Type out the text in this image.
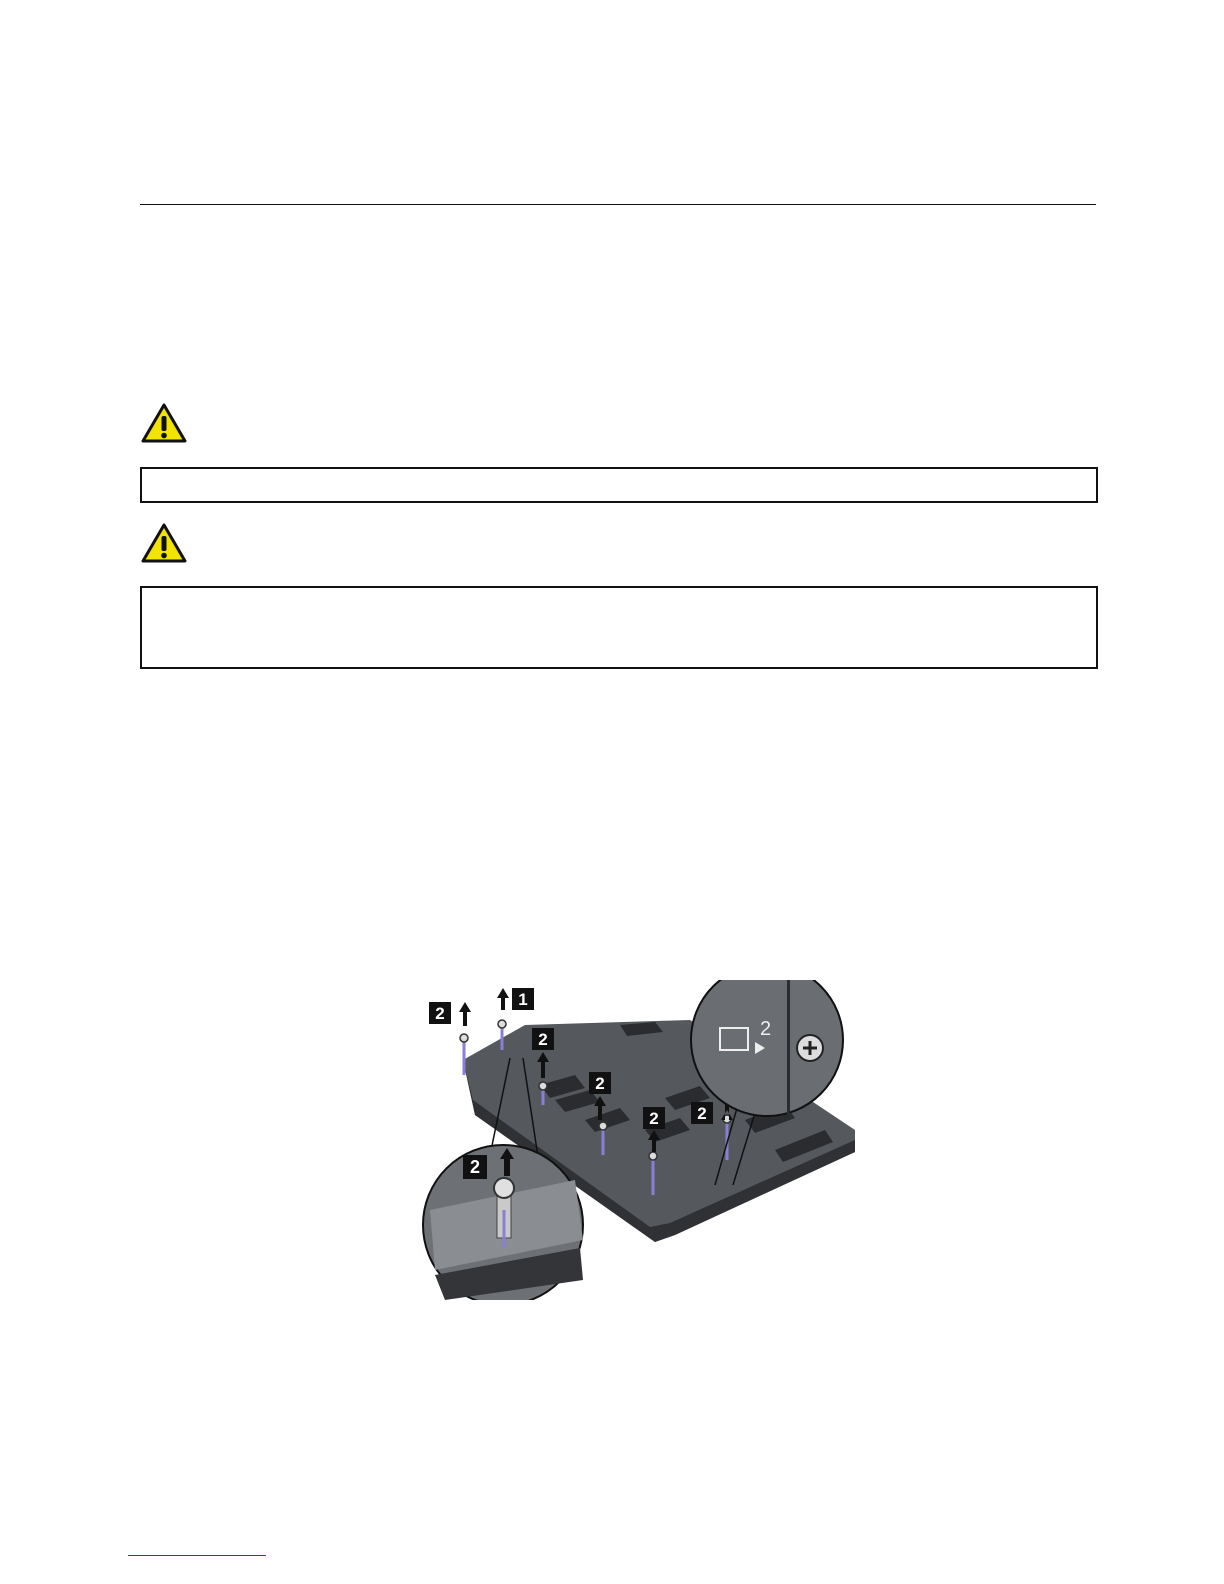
2
1
2
2
2 2
2
2
